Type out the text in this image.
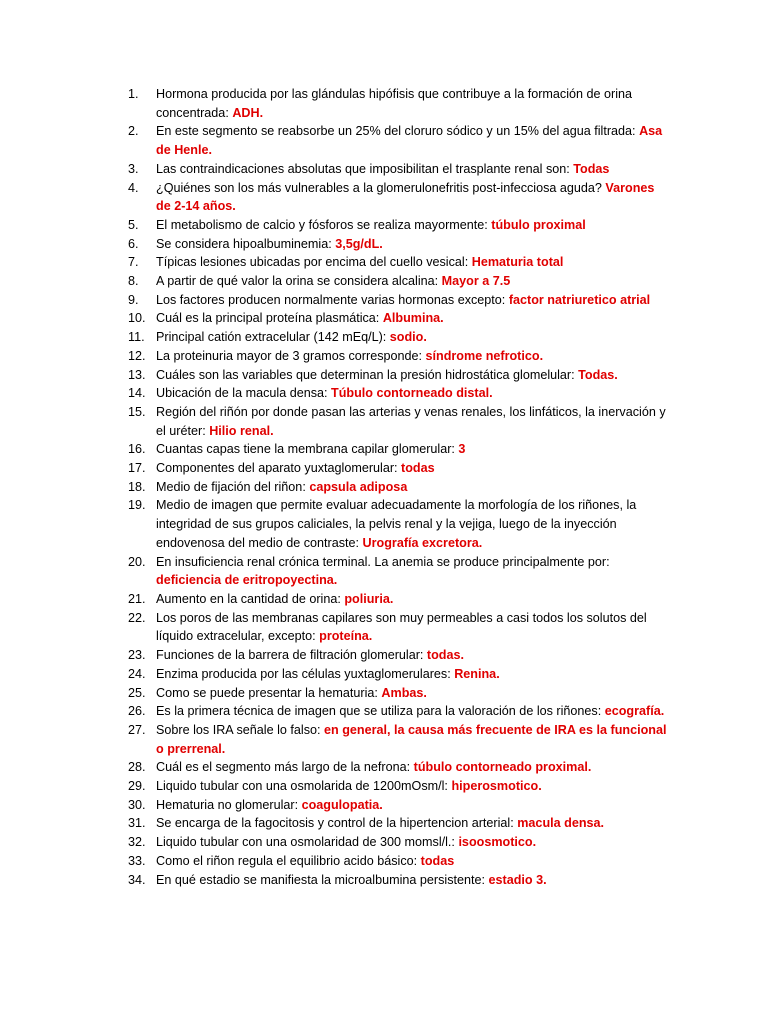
1.	Hormona producida por las glándulas hipófisis que contribuye a la formación de orina concentrada: ADH.
2.	En este segmento se reabsorbe un 25% del cloruro sódico y un 15% del agua filtrada: Asa de Henle.
3.	Las contraindicaciones absolutas que imposibilitan el trasplante renal son: Todas
4.	¿Quiénes son los más vulnerables a la glomerulonefritis post-infecciosa aguda? Varones de 2-14 años.
5.	El metabolismo de calcio y fósforos se realiza mayormente: túbulo proximal
6.	Se considera hipoalbuminemia: 3,5g/dL.
7.	Típicas lesiones ubicadas por encima del cuello vesical: Hematuria total
8.	A partir de qué valor la orina se considera alcalina: Mayor a 7.5
9.	Los factores producen normalmente varias hormonas excepto: factor natriuretico atrial
10. Cuál es la principal proteína plasmática: Albumina.
11. Principal catión extracelular (142 mEq/L): sodio.
12. La proteinuria mayor de 3 gramos corresponde: síndrome nefrotico.
13. Cuáles son las variables que determinan la presión hidrostática glomelular: Todas.
14. Ubicación de la macula densa: Túbulo contorneado distal.
15. Región del riñón por donde pasan las arterias y venas renales, los linfáticos, la inervación y el uréter: Hilio renal.
16. Cuantas capas tiene la membrana capilar glomerular: 3
17. Componentes del aparato yuxtaglomerular: todas
18. Medio de fijación del riñon: capsula adiposa
19. Medio de imagen que permite evaluar adecuadamente la morfología de los riñones, la integridad de sus grupos caliciales, la pelvis renal y la vejiga, luego de la inyección endovenosa del medio de contraste: Urografía excretora.
20. En insuficiencia renal crónica terminal. La anemia se produce principalmente por: deficiencia de eritropoyectina.
21. Aumento en la cantidad de orina: poliuria.
22. Los poros de las membranas capilares son muy permeables a casi todos los solutos del líquido extracelular, excepto: proteína.
23. Funciones de la barrera de filtración glomerular: todas.
24. Enzima producida por las células yuxtaglomerulares: Renina.
25. Como se puede presentar la hematuria: Ambas.
26. Es la primera técnica de imagen que se utiliza para la valoración de los riñones: ecografía.
27. Sobre los IRA señale lo falso: en general, la causa más frecuente de IRA es la funcional o prerrenal.
28. Cuál es el segmento más largo de la nefrona: túbulo contorneado proximal.
29. Liquido tubular con una osmolarida de 1200mOsm/l: hiperosmotico.
30. Hematuria no glomerular: coagulopatia.
31. Se encarga de la fagocitosis y control de la hipertencion arterial: macula densa.
32. Liquido tubular con una osmolaridad de 300 momsl/l.: isoosmotico.
33. Como el riñon regula el equilibrio acido básico: todas
34. En qué estadio se manifiesta la microalbumina persistente: estadio 3.
